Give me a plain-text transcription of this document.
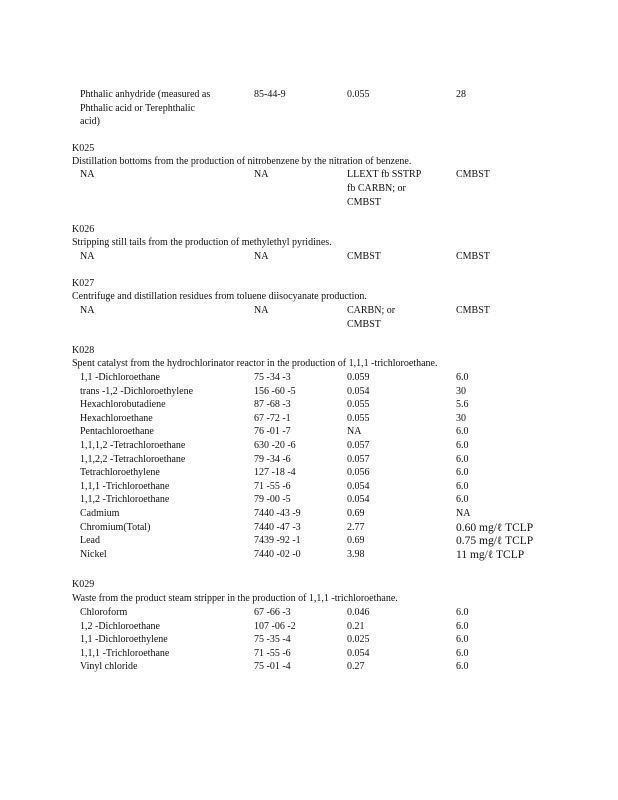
Phthalic anhydride (measured as	85-44-9	0.055	28
Phthalic acid or Terephthalic
acid)
K025
Distillation bottoms from the production of nitrobenzene by the nitration of benzene.
NA	NA	LLEXT fb SSTRP	CMBST
fb CARBN; or
CMBST
K026
Stripping still tails from the production of methylethyl pyridines.
NA	NA	CMBST	CMBST
K027
Centrifuge and distillation residues from toluene diisocyanate production.
NA	NA	CARBN; or	CMBST
CMBST
K028
Spent catalyst from the hydrochlorinator reactor in the production of 1,1,1 -trichloroethane.
1,1 -Dichloroethane	75 -34 -3	0.059	6.0
trans -1,2 -Dichloroethylene	156 -60 -5	0.054	30
Hexachlorobutadiene	87 -68 -3	0.055	5.6
Hexachloroethane	67 -72 -1	0.055	30
Pentachloroethane	76 -01 -7	NA	6.0
1,1,1,2 -Tetrachloroethane	630 -20 -6	0.057	6.0
1,1,2,2 -Tetrachloroethane	79 -34 -6	0.057	6.0
Tetrachloroethylene	127 -18 -4	0.056	6.0
1,1,1 -Trichloroethane	71 -55 -6	0.054	6.0
1,1,2 -Trichloroethane	79 -00 -5	0.054	6.0
Cadmium	7440 -43 -9	0.69	NA
Chromium(Total)	7440 -47 -3	2.77	0.60 mg/ℓ TCLP
Lead	7439 -92 -1	0.69	0.75 mg/ℓ TCLP
Nickel	7440 -02 -0	3.98	11 mg/ℓ TCLP
K029
Waste from the product steam stripper in the production of 1,1,1 -trichloroethane.
Chloroform	67 -66 -3	0.046	6.0
1,2 -Dichloroethane	107 -06 -2	0.21	6.0
1,1 -Dichloroethylene	75 -35 -4	0.025	6.0
1,1,1 -Trichloroethane	71 -55 -6	0.054	6.0
Vinyl chloride	75 -01 -4	0.27	6.0
